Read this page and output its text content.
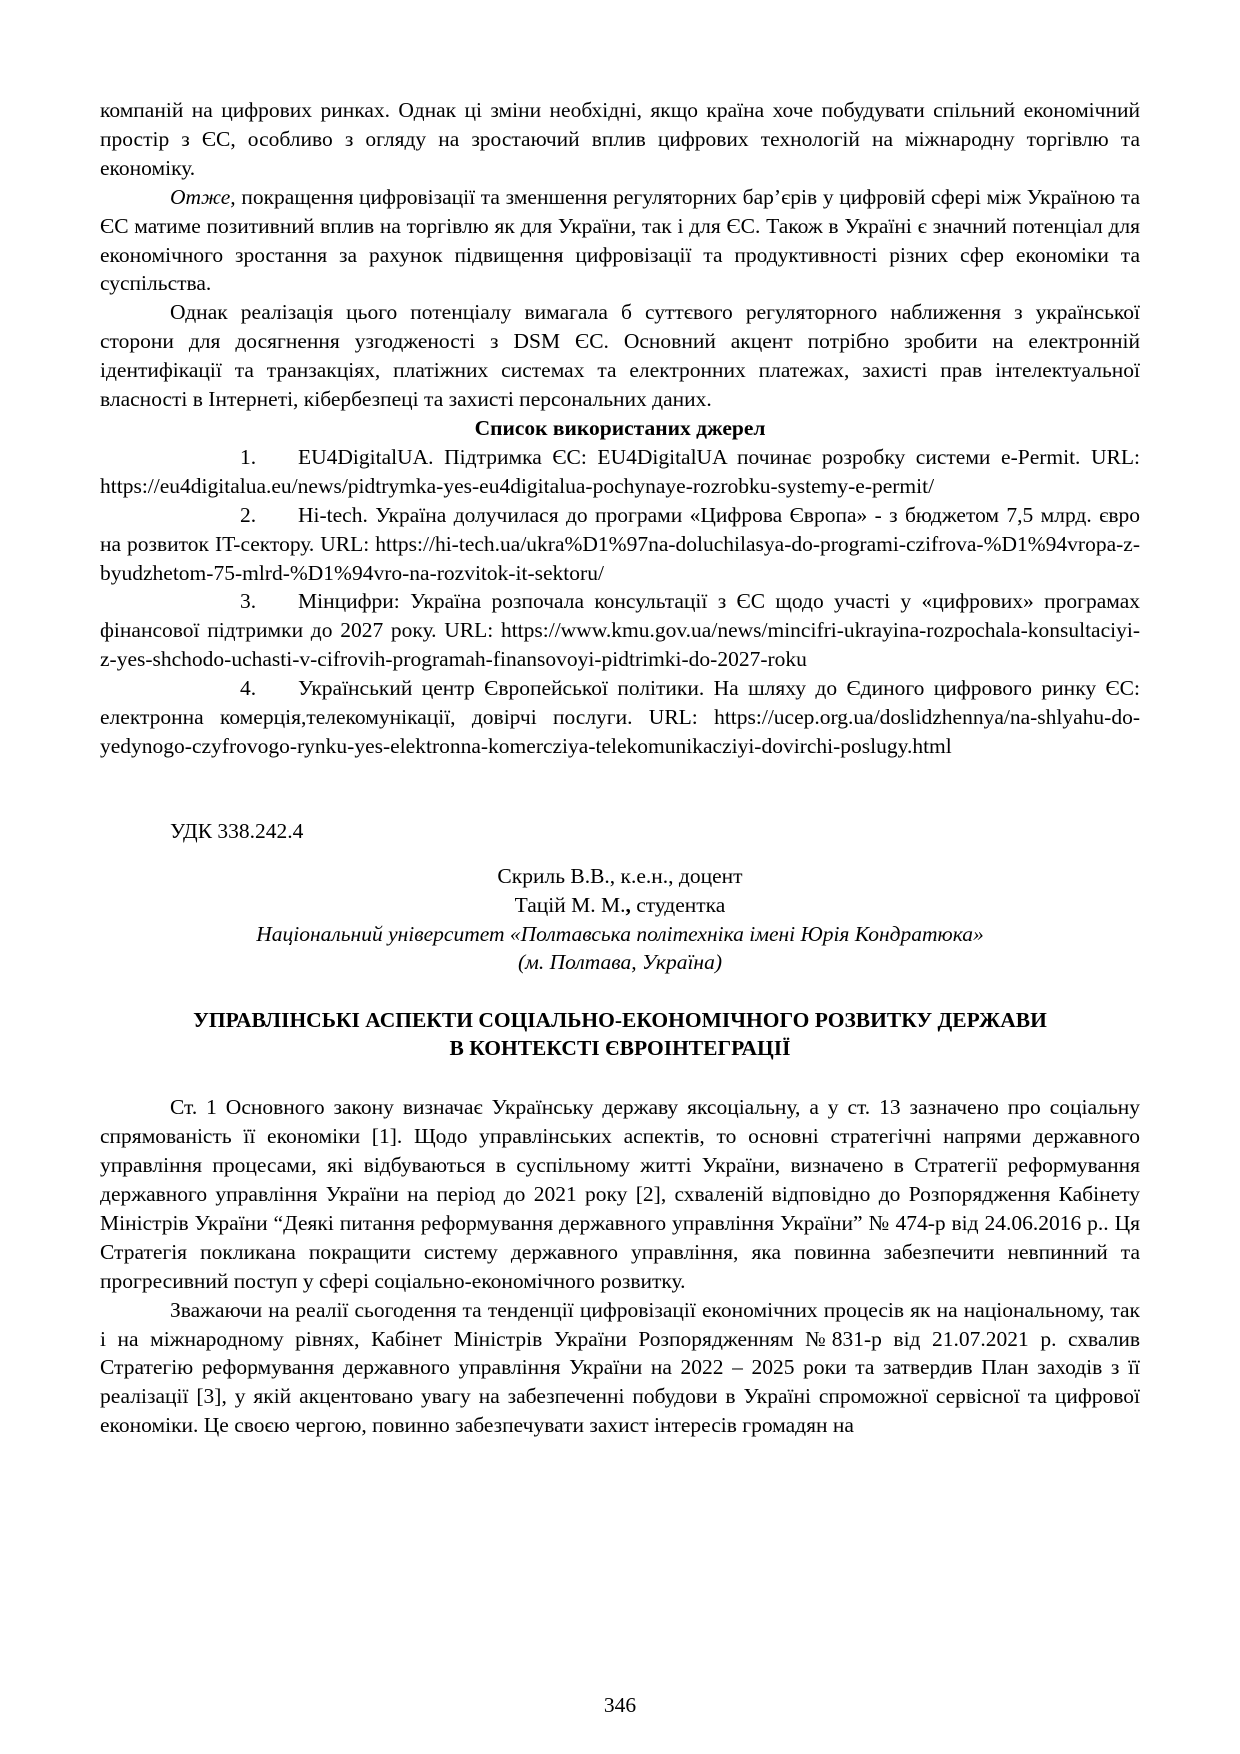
компаній на цифрових ринках. Однак ці зміни необхідні, якщо країна хоче побудувати спільний економічний простір з ЄС, особливо з огляду на зростаючий вплив цифрових технологій на міжнародну торгівлю та економіку.

Отже, покращення цифровізації та зменшення регуляторних бар’єрів у цифровій сфері між Україною та ЄС матиме позитивний вплив на торгівлю як для України, так і для ЄС. Також в Україні є значний потенціал для економічного зростання за рахунок підвищення цифровізації та продуктивності різних сфер економіки та суспільства.

Однак реалізація цього потенціалу вимагала б суттєвого регуляторного наближення з української сторони для досягнення узгодженості з DSM ЄС. Основний акцент потрібно зробити на електронній ідентифікації та транзакціях, платіжних системах та електронних платежах, захисті прав інтелектуальної власності в Інтернеті, кібербезпеці та захисті персональних даних.

Список використаних джерел

1. EU4DigitalUA. Підтримка ЄС: EU4DigitalUA починає розробку системи e-Permit. URL: https://eu4digitalua.eu/news/pidtrymka-yes-eu4digitalua-pochynaye-rozrobku-systemy-e-permit/

2. Hi-tech. Україна долучилася до програми «Цифрова Європа» - з бюджетом 7,5 млрд. євро на розвиток IT-сектору. URL: https://hi-tech.ua/ukra%D1%97na-doluchilasya-do-programi-czifrova-%D1%94vropa-z-byudzhetom-75-mlrd-%D1%94vro-na-rozvitok-it-sektoru/

3. Мінцифри: Україна розпочала консультації з ЄС щодо участі у «цифрових» програмах фінансової підтримки до 2027 року. URL: https://www.kmu.gov.ua/news/mincifri-ukrayina-rozpochala-konsultaciyi-z-yes-shchodo-uchasti-v-cifrovih-programah-finansovoyi-pidtrimki-do-2027-roku

4. Український центр Європейської політики. На шляху до Єдиного цифрового ринку ЄС: електронна комерція,телекомунікації, довірчі послуги. URL: https://ucep.org.ua/doslidzhennya/na-shlyahu-do-yedynogo-czyfrovogo-rynku-yes-elektronna-komercziya-telekomunikacziyi-dovirchi-poslugy.html

УДК 338.242.4

Скриль В.В., к.е.н., доцент

Тацій М. М., студентка

Національний університет «Полтавська політехніка імені Юрія Кондратюка»

(м. Полтава, Україна)

УПРАВЛІНСЬКІ АСПЕКТИ СОЦІАЛЬНО-ЕКОНОМІЧНОГО РОЗВИТКУ ДЕРЖАВИ
В КОНТЕКСТІ ЄВРОІНТЕГРАЦІЇ

Ст. 1 Основного закону визначає Українську державу яксоціальну, а у ст. 13 зазначено про соціальну спрямованість її економіки [1]. Щодо управлінських аспектів, то основні стратегічні напрями державного управління процесами, які відбуваються в суспільному житті України, визначено в Стратегії реформування державного управління України на період до 2021 року [2], схваленій відповідно до Розпорядження Кабінету Міністрів України “Деякі питання реформування державного управління України” № 474-р від 24.06.2016 р.. Ця Стратегія покликана покращити систему державного управління, яка повинна забезпечити невпинний та прогресивний поступ у сфері соціально-економічного розвитку.

Зважаючи на реалії сьогодення та тенденції цифровізації економічних процесів як на національному, так і на міжнародному рівнях, Кабінет Міністрів України Розпорядженням №831-р від 21.07.2021 р. схвалив Стратегію реформування державного управління України на 2022 – 2025 роки та затвердив План заходів з її реалізації [3], у якій акцентовано увагу на забезпеченні побудови в Україні спроможної сервісної та цифрової економіки. Це своєю чергою, повинно забезпечувати захист інтересів громадян на

346
